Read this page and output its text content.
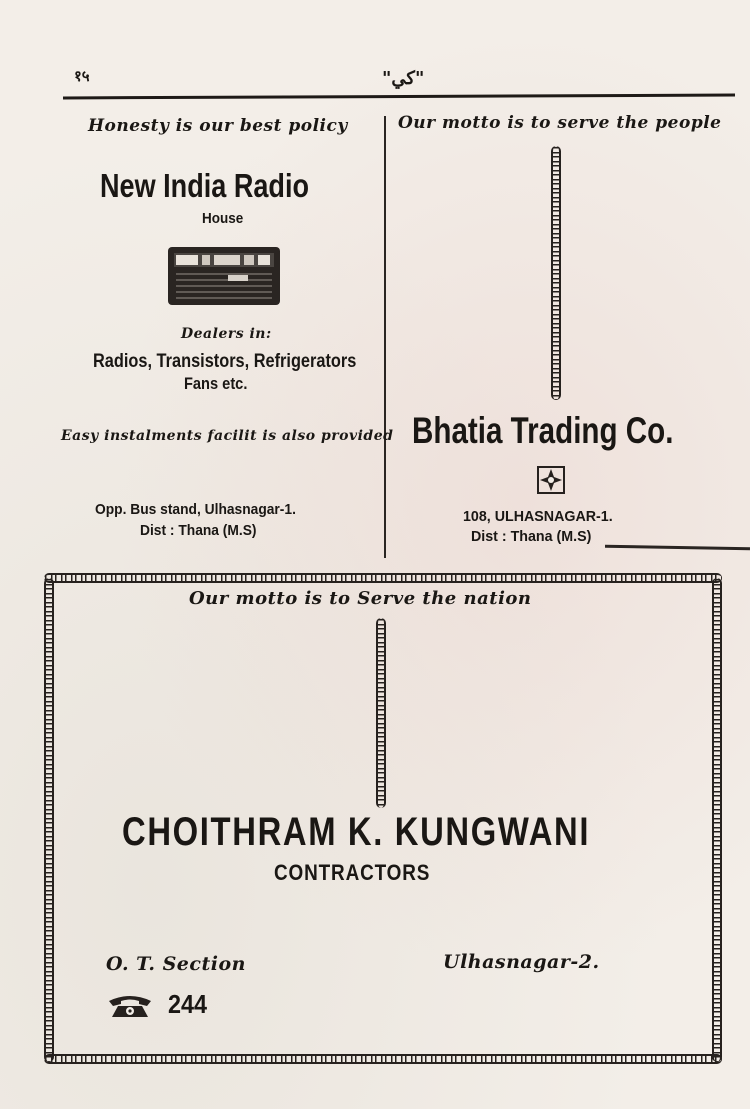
१५	"کي"
Honesty is our best policy
New India Radio
House
Dealers in:
Radios, Transistors, Refrigerators
Fans etc.
Easy instalments facilit is also provided
Opp. Bus stand, Ulhasnagar-1.
Dist : Thana (M.S)
Our motto is to serve the people
Bhatia Trading Co.
108, ULHASNAGAR-1.
Dist : Thana (M.S)
Our motto is to Serve the nation
CHOITHRAM K. KUNGWANI
CONTRACTORS
O. T. Section	Ulhasnagar-2.
244
